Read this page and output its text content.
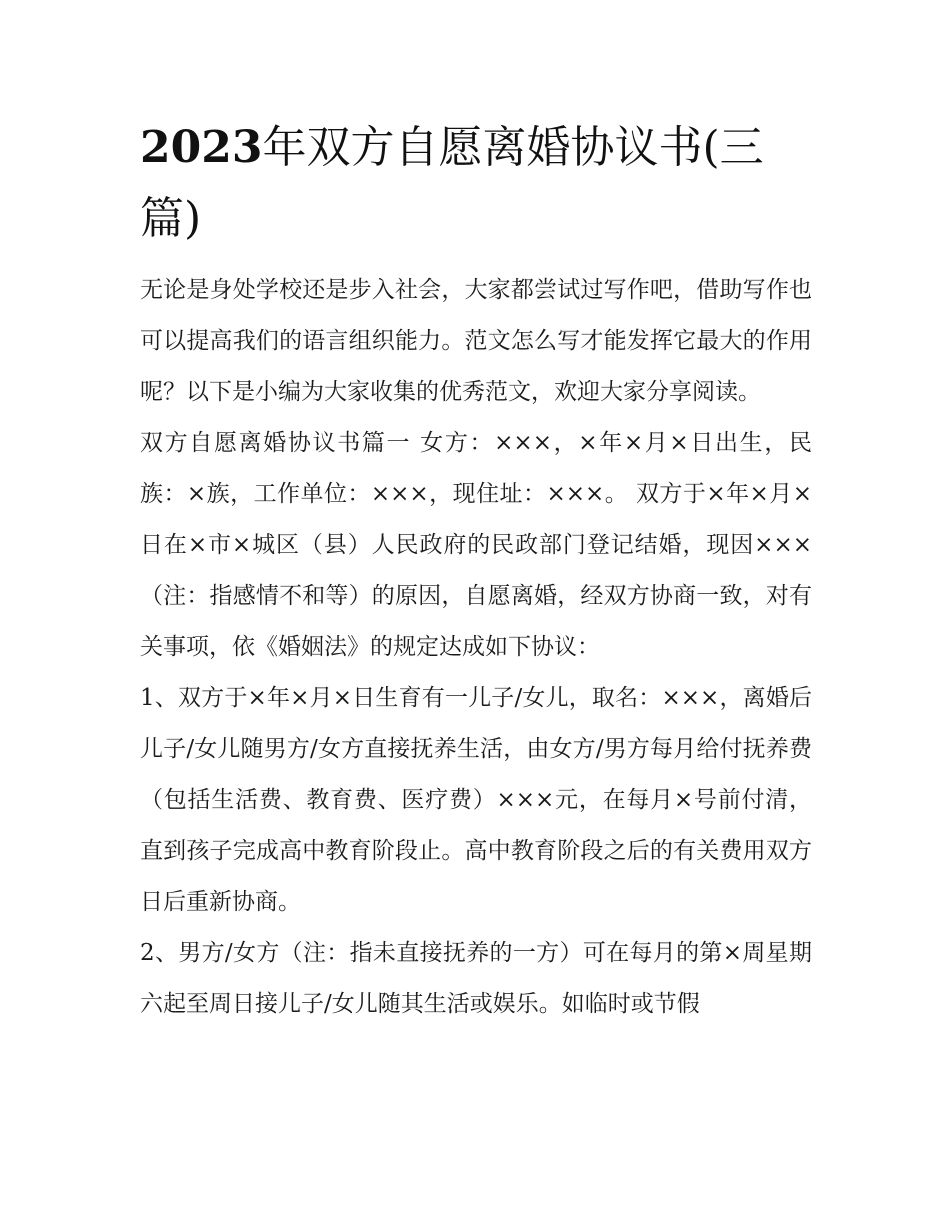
2023年双方自愿离婚协议书(三篇)

无论是身处学校还是步入社会，大家都尝试过写作吧，借助写作也可以提高我们的语言组织能力。范文怎么写才能发挥它最大的作用呢？以下是小编为大家收集的优秀范文，欢迎大家分享阅读。

双方自愿离婚协议书篇一 女方：×××，×年×月×日出生，民族：×族，工作单位：×××，现住址：×××。 双方于×年×月×日在×市×城区（县）人民政府的民政部门登记结婚，现因×××（注：指感情不和等）的原因，自愿离婚，经双方协商一致，对有关事项，依《婚姻法》的规定达成如下协议：

1、双方于×年×月×日生育有一儿子/女儿，取名：×××，离婚后儿子/女儿随男方/女方直接抚养生活，由女方/男方每月给付抚养费（包括生活费、教育费、医疗费）×××元，在每月×号前付清，直到孩子完成高中教育阶段止。高中教育阶段之后的有关费用双方日后重新协商。

2、男方/女方（注：指未直接抚养的一方）可在每月的第×周星期六起至周日接儿子/女儿随其生活或娱乐。如临时或节假
